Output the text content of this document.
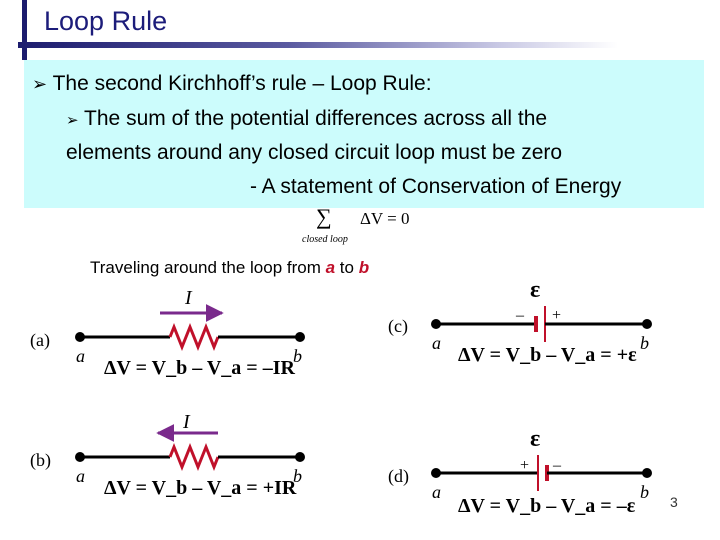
Loop Rule
➢ The second Kirchhoff’s rule – Loop Rule:
➢ The sum of the potential differences across all the
elements around any closed circuit loop must be zero
- A statement of Conservation of Energy
∑ ΔV = 0
closed loop
Traveling around the loop from a to b
(a)
I
a	b
ΔV = V_b – V_a = –IR
(b)
I
a	b
ΔV = V_b – V_a = +IR
(c)
ε
– +
a	b
ΔV = V_b – V_a = +ε
(d)
ε
+ –
a	b
ΔV = V_b – V_a = –ε 3
